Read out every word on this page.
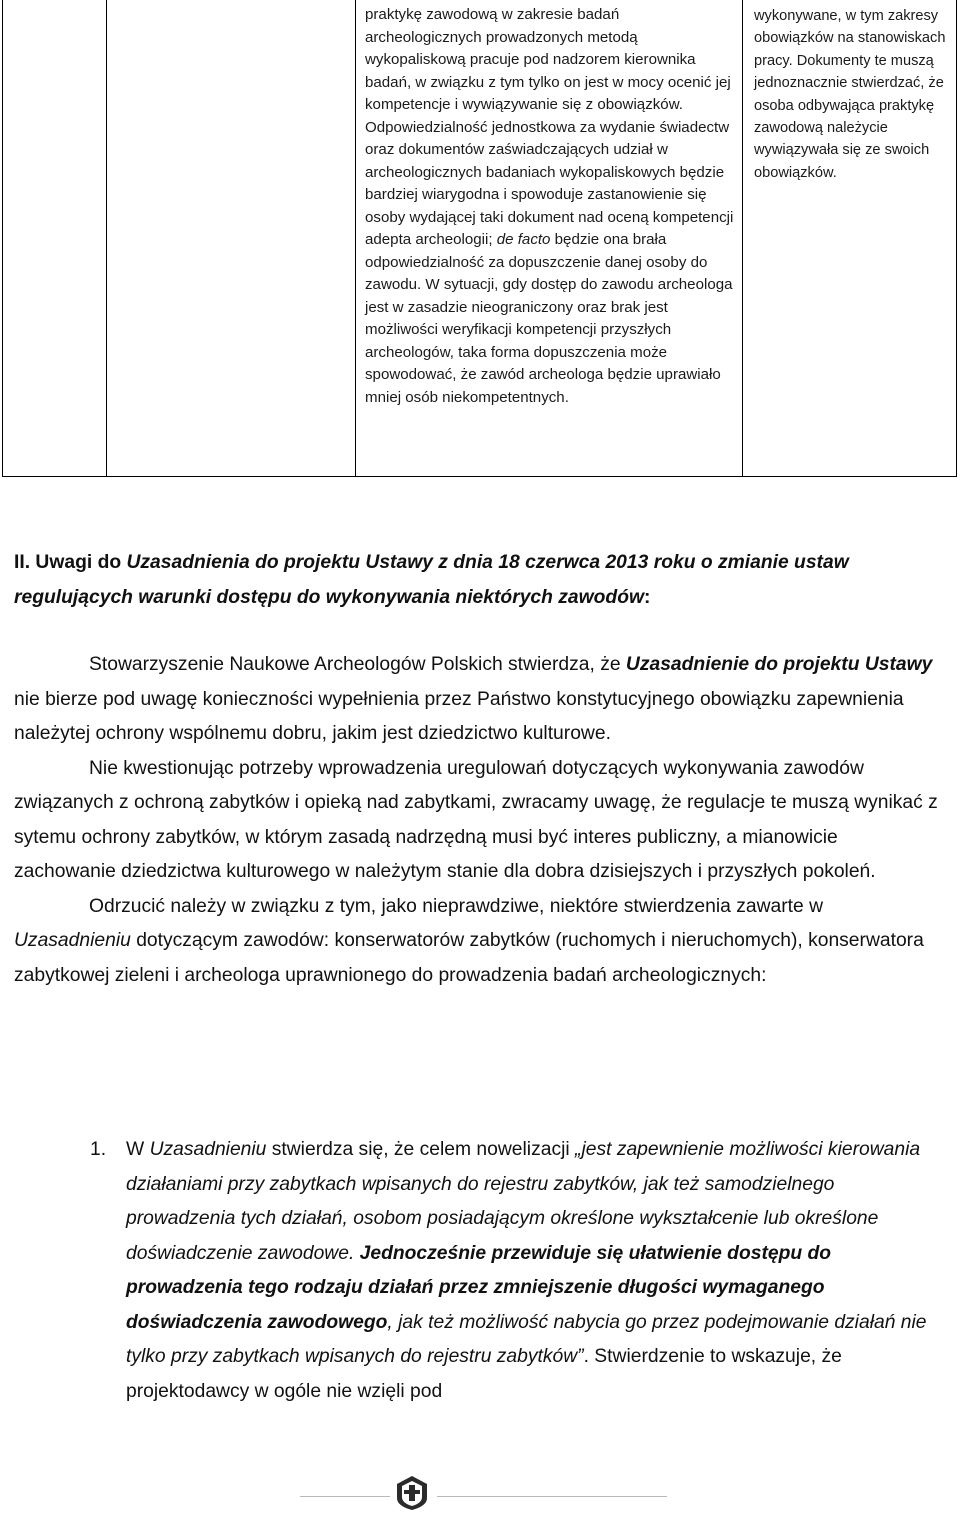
praktykę zawodową w zakresie badań archeologicznych prowadzonych metodą wykopaliskową pracuje pod nadzorem kierownika badań, w związku z tym tylko on jest w mocy ocenić jej kompetencje i wywiązywanie się z obowiązków. Odpowiedzialność jednostkowa za wydanie świadectw oraz dokumentów zaświadczających udział w archeologicznych badaniach wykopaliskowych będzie bardziej wiarygodna i spowoduje zastanowienie się osoby wydającej taki dokument nad oceną kompetencji adepta archeologii; de facto będzie ona brała odpowiedzialność za dopuszczenie danej osoby do zawodu. W sytuacji, gdy dostęp do zawodu archeologa jest w zasadzie nieograniczony oraz brak jest możliwości weryfikacji kompetencji przyszłych archeologów, taka forma dopuszczenia może spowodować, że zawód archeologa będzie uprawiało mniej osób niekompetentnych.
wykonywane, w tym zakresy obowiązków na stanowiskach pracy. Dokumenty te muszą jednoznacznie stwierdzać, że osoba odbywająca praktykę zawodową należycie wywiązywała się ze swoich obowiązków.
II. Uwagi do Uzasadnienia do projektu Ustawy z dnia 18 czerwca 2013 roku o zmianie ustaw regulujących warunki dostępu do wykonywania niektórych zawodów:

Stowarzyszenie Naukowe Archeologów Polskich stwierdza, że Uzasadnienie do projektu Ustawy nie bierze pod uwagę konieczności wypełnienia przez Państwo konstytucyjnego obowiązku zapewnienia należytej ochrony wspólnemu dobru, jakim jest dziedzictwo kulturowe.

Nie kwestionując potrzeby wprowadzenia uregulowań dotyczących wykonywania zawodów związanych z ochroną zabytków i opieką nad zabytkami, zwracamy uwagę, że regulacje te muszą wynikać z sytemu ochrony zabytków, w którym zasadą nadrzędną musi być interes publiczny, a mianowicie zachowanie dziedzictwa kulturowego w należytym stanie dla dobra dzisiejszych i przyszłych pokoleń.

Odrzucić należy w związku z tym, jako nieprawdziwe, niektóre stwierdzenia zawarte w Uzasadnieniu dotyczącym zawodów: konserwatorów zabytków (ruchomych i nieruchomych), konserwatora zabytkowej zieleni i archeologa uprawnionego do prowadzenia badań archeologicznych:

1. W Uzasadnieniu stwierdza się, że celem nowelizacji „jest zapewnienie możliwości kierowania działaniami przy zabytkach wpisanych do rejestru zabytków, jak też samodzielnego prowadzenia tych działań, osobom posiadającym określone wykształcenie lub określone doświadczenie zawodowe. Jednocześnie przewiduje się ułatwienie dostępu do prowadzenia tego rodzaju działań przez zmniejszenie długości wymaganego doświadczenia zawodowego, jak też możliwość nabycia go przez podejmowanie działań nie tylko przy zabytkach wpisanych do rejestru zabytków”. Stwierdzenie to wskazuje, że projektodawcy w ogóle nie wzięli pod
